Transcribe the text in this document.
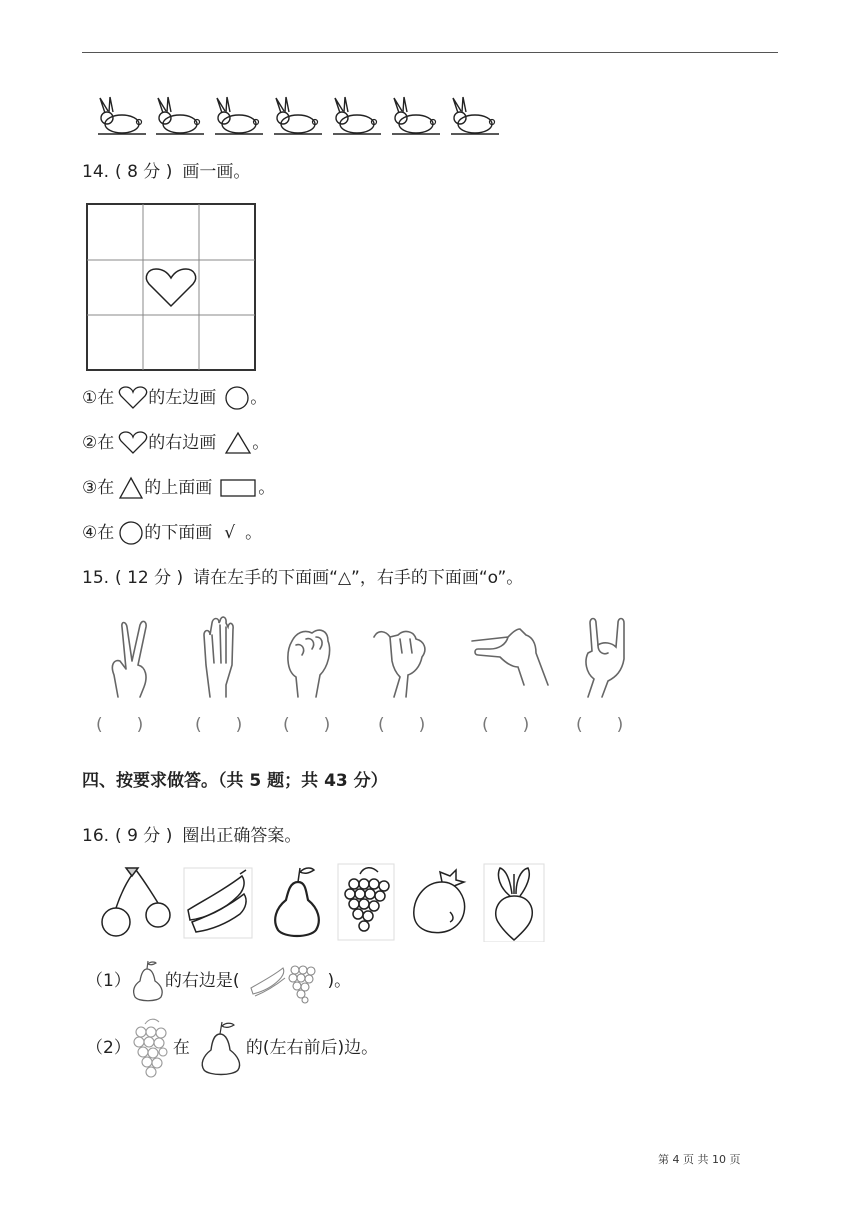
14. ( 8 分 ) 画一画。
① 在 的左边画 。
② 在 的右边画 。
③ 在 的上面画	。
④ 在 的下面画 √ 。
15. ( 12 分 ) 请在左手的下面画“△”，右手的下面画“o”。
(　　)	(　　) (　　)	(　　)	(　　)	(　　)
四、按要求做答。（共 5 题；共 43 分）
16. ( 9 分 ) 圈出正确答案。
（1） 的右边是(	)。
（2） 在	的(左右前后)边。
第 4 页 共 10 页
